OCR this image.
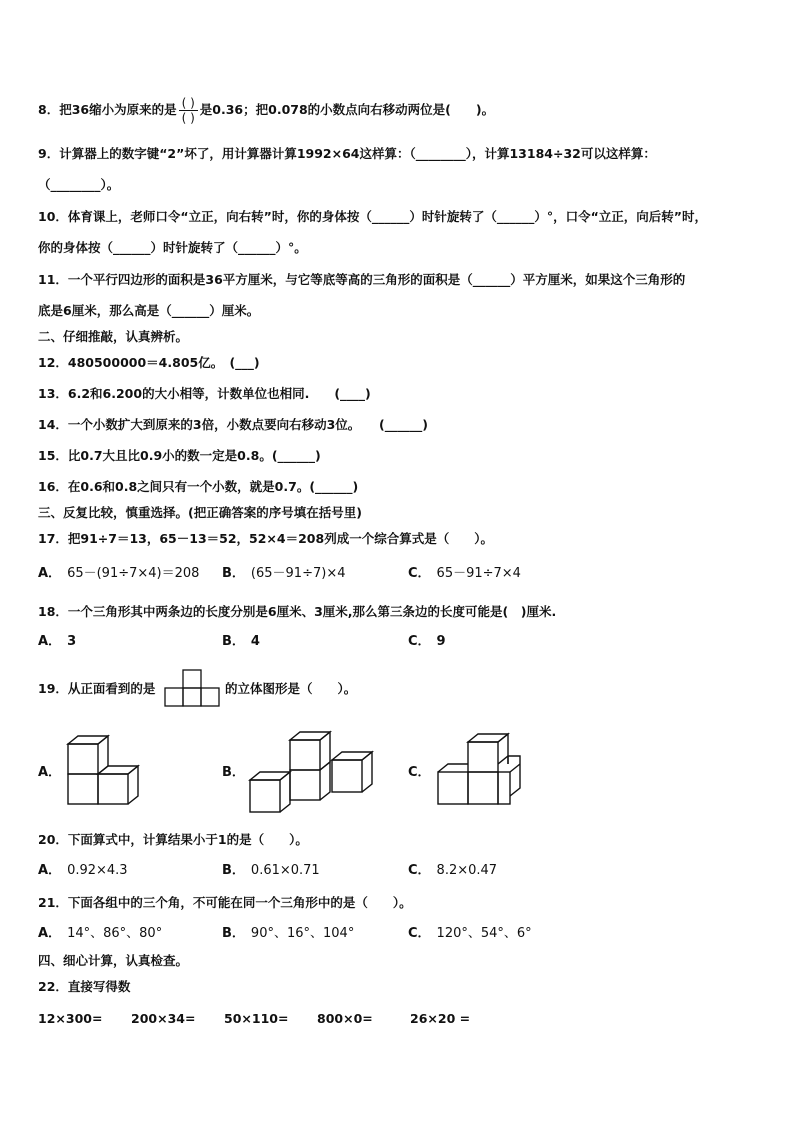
8．把36缩小为原来的是 $\frac{( )}{( )}$ 是0.36；把0.078的小数点向右移动两位是(　　)。
9．计算器上的数字键“2”坏了，用计算器计算1992×64这样算：（________），计算13184÷32可以这样算：
（________）。
10．体育课上，老师口令“立正，向右转”时，你的身体按（______）时针旋转了（______）°，口令“立正，向后转”时，
你的身体按（______）时针旋转了（______）°。
11．一个平行四边形的面积是36平方厘米，与它等底等高的三角形的面积是（______）平方厘米，如果这个三角形的
底是6厘米，那么高是（______）厘米。
二、仔细推敲，认真辨析。
12．480500000＝4.805亿。　(___)
13．6.2和6.200的大小相等，计数单位也相同.　　(____)
14．一个小数扩大到原来的3倍，小数点要向右移动3位。　　(______)
15．比0.7大且比0.9小的数一定是0.8。(______)
16．在0.6和0.8之间只有一个小数，就是0.7。(______)
三、反复比较，慎重选择。(把正确答案的序号填在括号里)
17．把91÷7＝13，65－13＝52，52×4＝208列成一个综合算式是（　　）。
A． 65－(91÷7×4)＝208 B． (65－91÷7)×4	C． 65－91÷7×4
18．一个三角形其中两条边的长度分别是6厘米、3厘米,那么第三条边的长度可能是(　)厘米.
A． 3	B． 4	C． 9
19．从正面看到的是	的立体图形是（　　）。
A．	B．	C．
20．下面算式中，计算结果小于1的是（　　）。
A． 0.92×4.3	B． 0.61×0.71	C． 8.2×0.47
21．下面各组中的三个角，不可能在同一个三角形中的是（　　）。
A． 14°、86°、80°	B． 90°、16°、104°	C． 120°、54°、6°
四、细心计算，认真检查。
22．直接写得数
12×300= 200×34= 50×110= 800×0=	26×20 =
